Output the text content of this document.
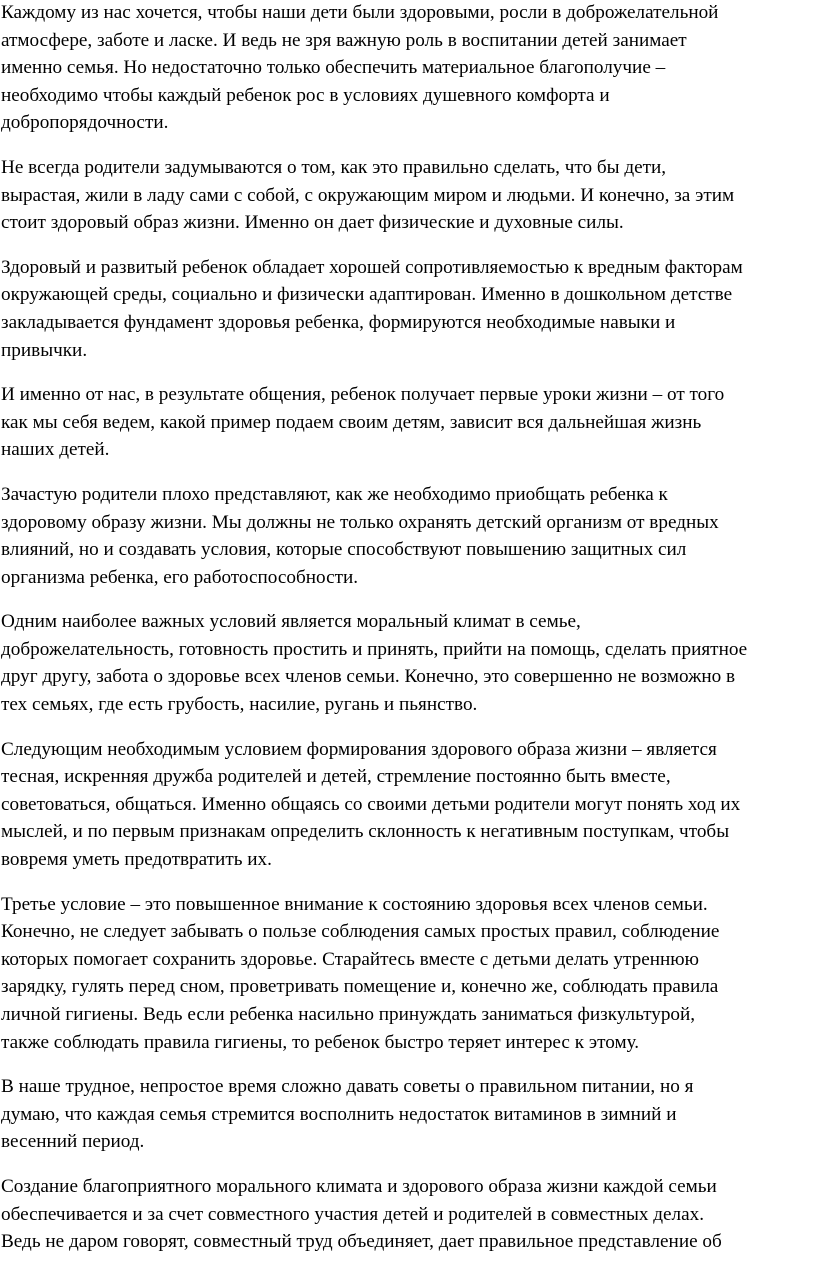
Каждому из нас хочется, чтобы наши дети были здоровыми, росли в доброжелательной
атмосфере, заботе и ласке. И ведь не зря важную роль в воспитании детей занимает
именно семья. Но недостаточно только обеспечить материальное благополучие –
необходимо чтобы каждый ребенок рос в условиях душевного комфорта и
добропорядочности.

Не всегда родители задумываются о том, как это правильно сделать, что бы дети,
вырастая, жили в ладу сами с собой, с окружающим миром и людьми. И конечно, за этим
стоит здоровый образ жизни. Именно он дает физические и духовные силы.

Здоровый и развитый ребенок обладает хорошей сопротивляемостью к вредным факторам
окружающей среды, социально и физически адаптирован. Именно в дошкольном детстве
закладывается фундамент здоровья ребенка, формируются необходимые навыки и
привычки.

И именно от нас, в результате общения, ребенок получает первые уроки жизни – от того
как мы себя ведем, какой пример подаем своим детям, зависит вся дальнейшая жизнь
наших детей.

Зачастую родители плохо представляют, как же необходимо приобщать ребенка к
здоровому образу жизни. Мы должны не только охранять детский организм от вредных
влияний, но и создавать условия, которые способствуют повышению защитных сил
организма ребенка, его работоспособности.

Одним наиболее важных условий является моральный климат в семье,
доброжелательность, готовность простить и принять, прийти на помощь, сделать приятное
друг другу, забота о здоровье всех членов семьи. Конечно, это совершенно не возможно в
тех семьях, где есть грубость, насилие, ругань и пьянство.

Следующим необходимым условием формирования здорового образа жизни – является
тесная, искренняя дружба родителей и детей, стремление постоянно быть вместе,
советоваться, общаться. Именно общаясь со своими детьми родители могут понять ход их
мыслей, и по первым признакам определить склонность к негативным поступкам, чтобы
вовремя уметь предотвратить их.

Третье условие – это повышенное внимание к состоянию здоровья всех членов семьи.
Конечно, не следует забывать о пользе соблюдения самых простых правил, соблюдение
которых помогает сохранить здоровье. Старайтесь вместе с детьми делать утреннюю
зарядку, гулять перед сном, проветривать помещение и, конечно же, соблюдать правила
личной гигиены. Ведь если ребенка насильно принуждать заниматься физкультурой,
также соблюдать правила гигиены, то ребенок быстро теряет интерес к этому.

В наше трудное, непростое время сложно давать советы о правильном питании, но я
думаю, что каждая семья стремится восполнить недостаток витаминов в зимний и
весенний период.

Создание благоприятного морального климата и здорового образа жизни каждой семьи
обеспечивается и за счет совместного участия детей и родителей в совместных делах.
Ведь не даром говорят, совместный труд объединяет, дает правильное представление об
